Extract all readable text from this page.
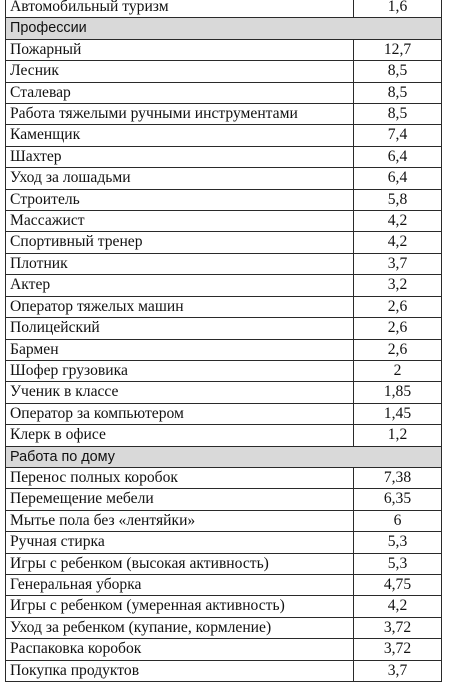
Автомобильный туризм	1,6
Профессии	
Пожарный	12,7
Лесник	8,5
Сталевар	8,5
Работа тяжелыми ручными инструментами	8,5
Каменщик	7,4
Шахтер	6,4
Уход за лошадьми	6,4
Строитель	5,8
Массажист	4,2
Спортивный тренер	4,2
Плотник	3,7
Актер	3,2
Оператор тяжелых машин	2,6
Полицейский	2,6
Бармен	2,6
Шофер грузовика	2
Ученик в классе	1,85
Оператор за компьютером	1,45
Клерк в офисе	1,2
Работа по дому	
Перенос полных коробок	7,38
Перемещение мебели	6,35
Мытье пола без «лентяйки»	6
Ручная стирка	5,3
Игры с ребенком (высокая активность)	5,3
Генеральная уборка	4,75
Игры с ребенком (умеренная активность)	4,2
Уход за ребенком (купание, кормление)	3,72
Распаковка коробок	3,72
Покупка продуктов	3,7
